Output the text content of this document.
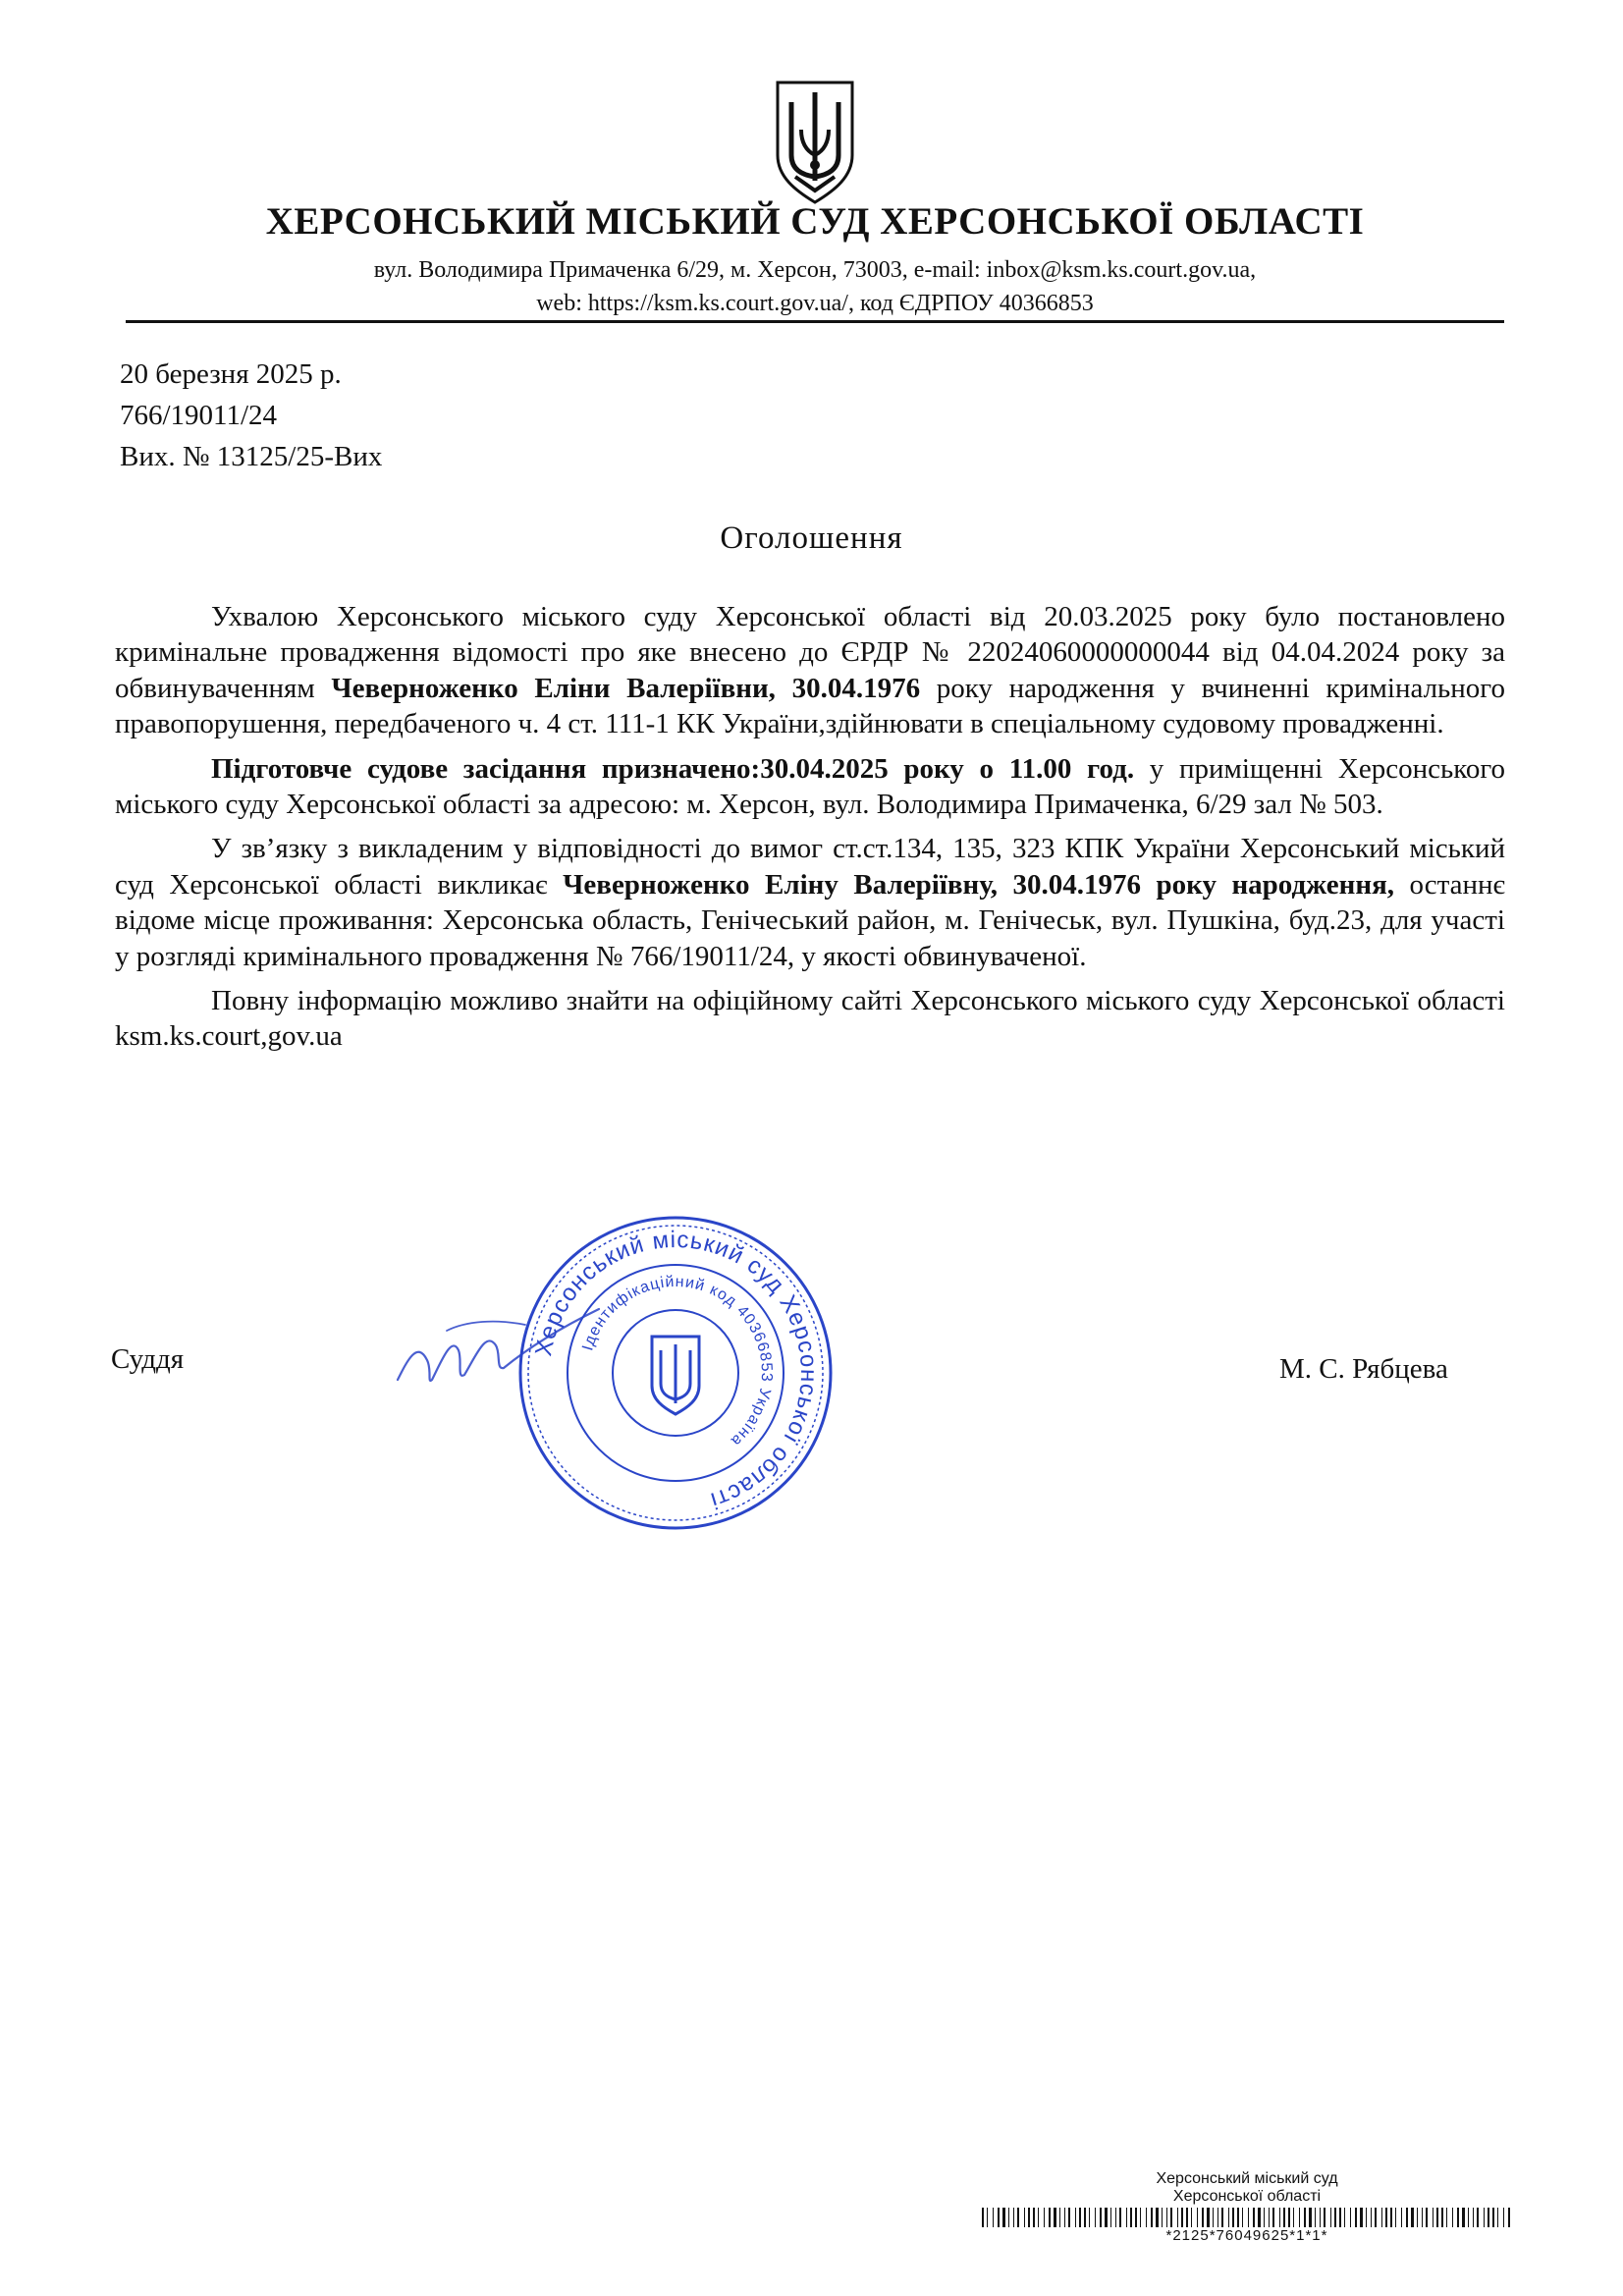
ХЕРСОНСЬКИЙ МІСЬКИЙ СУД ХЕРСОНСЬКОЇ ОБЛАСТІ
вул. Володимира Примаченка 6/29, м. Херсон, 73003, e-mail: inbox@ksm.ks.court.gov.ua,
web: https://ksm.ks.court.gov.ua/, код ЄДРПОУ 40366853
20 березня 2025 р.
766/19011/24
Вих. № 13125/25-Вих
Оголошення

Ухвалою Херсонського міського суду Херсонської області від 20.03.2025 року було постановлено кримінальне провадження відомості про яке внесено до ЄРДР № 22024060000000044 від 04.04.2024 року за обвинуваченням Чеверноженко Еліни Валеріївни, 30.04.1976 року народження у вчиненні кримінального правопорушення, передбаченого ч. 4 ст. 111-1 КК України,здійнювати в спеціальному судовому провадженні.

Підготовче судове засідання призначено:30.04.2025 року о 11.00 год. у приміщенні Херсонського міського суду Херсонської області за адресою: м. Херсон, вул. Володимира Примаченка, 6/29 зал № 503.

У зв’язку з викладеним у відповідності до вимог ст.ст.134, 135, 323 КПК України Херсонський міський суд Херсонської області викликає Чеверноженко Еліну Валеріївну, 30.04.1976 року народження, останнє відоме місце проживання: Херсонська область, Генічеський район, м. Генічеськ, вул. Пушкіна, буд.23, для участі у розгляді кримінального провадження № 766/19011/24, у якості обвинуваченої.

Повну інформацію можливо знайти на офіційному сайті Херсонського міського суду Херсонської області ksm.ks.court,gov.ua

Суддя	М. С. Рябцева
Херсонський міський суд Херсонської області
Ідентифікаційний код 40366853 Україна
Херсонський міський суд
Херсонської області
*2125*76049625*1*1*
